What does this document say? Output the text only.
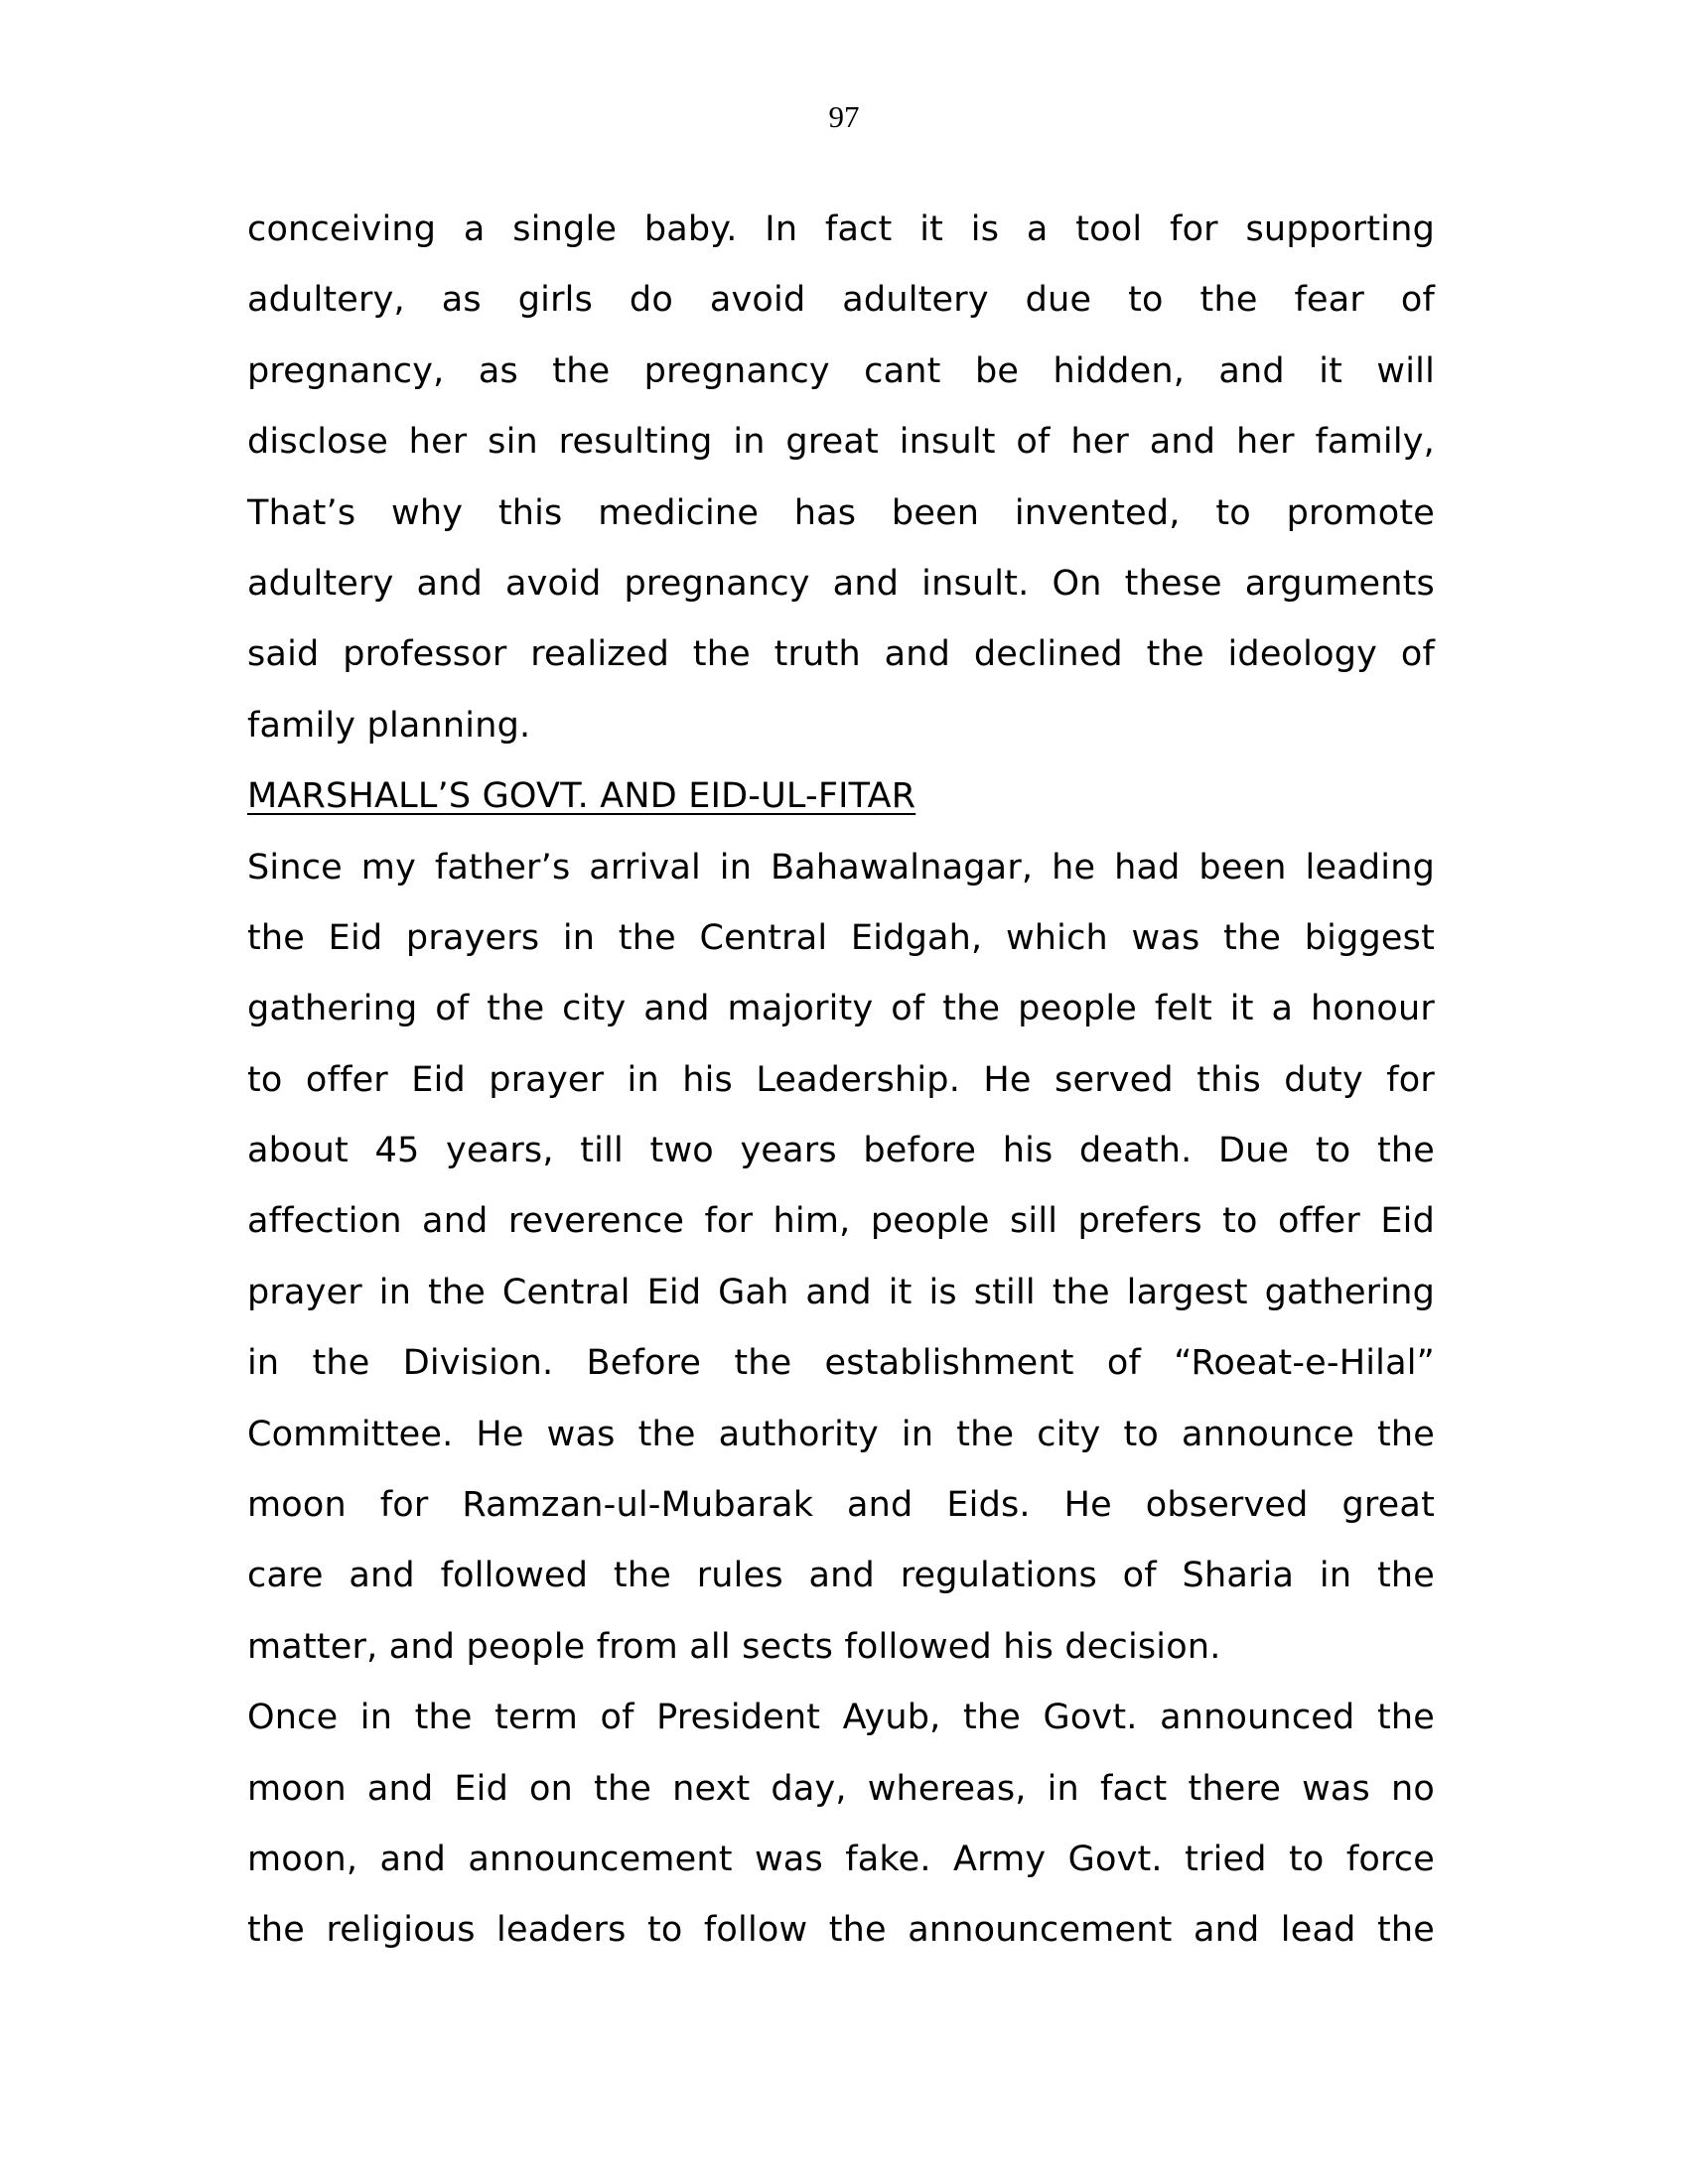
97
conceiving a single baby. In fact it is a tool for supporting
adultery, as girls do avoid adultery due to the fear of
pregnancy, as the pregnancy cant be hidden, and it will
disclose her sin resulting in great insult of her and her family,
That’s why this medicine has been invented, to promote
adultery and avoid pregnancy and insult. On these arguments
said professor realized the truth and declined the ideology of
family planning.
MARSHALL’S GOVT. AND EID-UL-FITAR
Since my father’s arrival in Bahawalnagar, he had been leading
the Eid prayers in the Central Eidgah, which was the biggest
gathering of the city and majority of the people felt it a honour
to offer Eid prayer in his Leadership. He served this duty for
about 45 years, till two years before his death. Due to the
affection and reverence for him, people sill prefers to offer Eid
prayer in the Central Eid Gah and it is still the largest gathering
in the Division. Before the establishment of “Roeat-e-Hilal”
Committee. He was the authority in the city to announce the
moon for Ramzan-ul-Mubarak and Eids. He observed great
care and followed the rules and regulations of Sharia in the
matter, and people from all sects followed his decision.
Once in the term of President Ayub, the Govt. announced the
moon and Eid on the next day, whereas, in fact there was no
moon, and announcement was fake. Army Govt. tried to force
the religious leaders to follow the announcement and lead the
